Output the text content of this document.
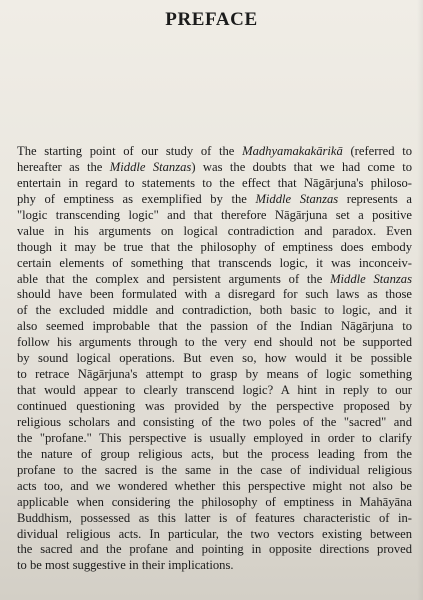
PREFACE
The starting point of our study of the Madhyamakakārikā (referred to
hereafter as the Middle Stanzas) was the doubts that we had come to
entertain in regard to statements to the effect that Nāgārjuna's philoso-
phy of emptiness as exemplified by the Middle Stanzas represents a
"logic transcending logic" and that therefore Nāgārjuna set a positive
value in his arguments on logical contradiction and paradox. Even
though it may be true that the philosophy of emptiness does embody
certain elements of something that transcends logic, it was inconceiv-
able that the complex and persistent arguments of the Middle Stanzas
should have been formulated with a disregard for such laws as those
of the excluded middle and contradiction, both basic to logic, and it
also seemed improbable that the passion of the Indian Nāgārjuna to
follow his arguments through to the very end should not be supported
by sound logical operations. But even so, how would it be possible
to retrace Nāgārjuna's attempt to grasp by means of logic something
that would appear to clearly transcend logic? A hint in reply to our
continued questioning was provided by the perspective proposed by
religious scholars and consisting of the two poles of the "sacred" and
the "profane." This perspective is usually employed in order to clarify
the nature of group religious acts, but the process leading from the
profane to the sacred is the same in the case of individual religious
acts too, and we wondered whether this perspective might not also be
applicable when considering the philosophy of emptiness in Mahāyāna
Buddhism, possessed as this latter is of features characteristic of in-
dividual religious acts. In particular, the two vectors existing between
the sacred and the profane and pointing in opposite directions proved
to be most suggestive in their implications.
